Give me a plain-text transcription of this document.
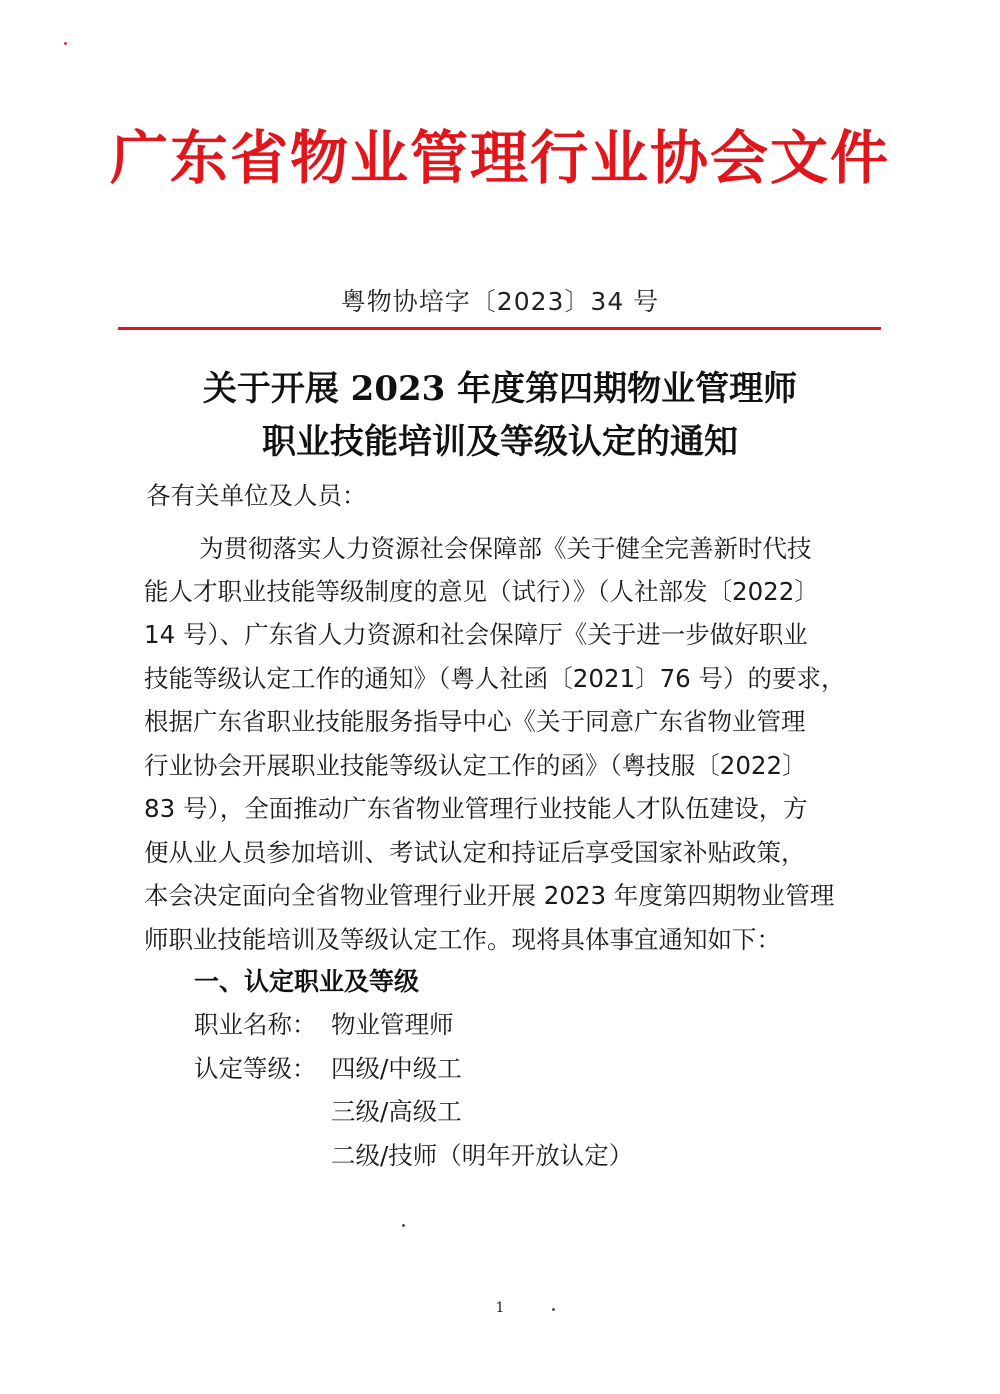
广东省物业管理行业协会文件
粤物协培字〔2023〕34 号
关于开展 2023 年度第四期物业管理师
职业技能培训及等级认定的通知
各有关单位及人员：
为贯彻落实人力资源社会保障部《关于健全完善新时代技
能人才职业技能等级制度的意见（试行）》（人社部发〔2022〕
14 号）、广东省人力资源和社会保障厅《关于进一步做好职业
技能等级认定工作的通知》（粤人社函〔2021〕76 号）的要求，
根据广东省职业技能服务指导中心《关于同意广东省物业管理
行业协会开展职业技能等级认定工作的函》（粤技服〔2022〕
83 号），全面推动广东省物业管理行业技能人才队伍建设，方
便从业人员参加培训、考试认定和持证后享受国家补贴政策，
本会决定面向全省物业管理行业开展 2023 年度第四期物业管理
师职业技能培训及等级认定工作。现将具体事宜通知如下：
一、认定职业及等级
职业名称： 物业管理师
认定等级： 四级/中级工
三级/高级工
二级/技师（明年开放认定）
1
